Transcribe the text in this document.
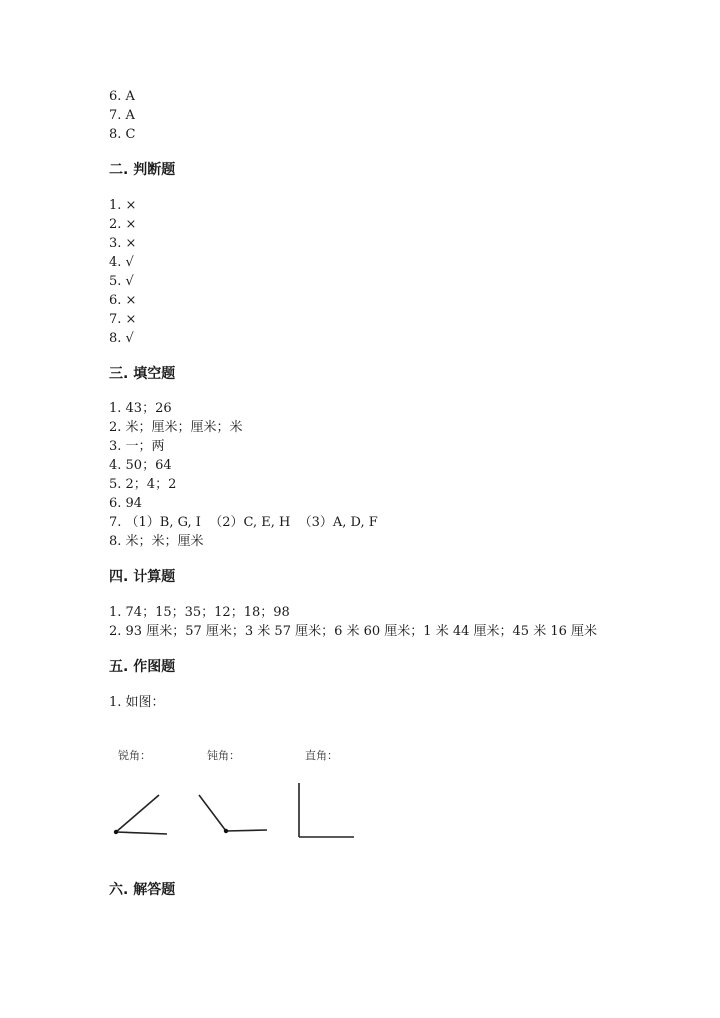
6. A
7. A
8. C
二. 判断题
1. ×
2. ×
3. ×
4. √
5. √
6. ×
7. ×
8. √
三. 填空题
1. 43；26
2. 米；厘米；厘米；米
3. 一；两
4. 50；64
5. 2；4；2
6. 94
7. （1）B, G, I  （2）C, E, H  （3）A, D, F
8. 米；米；厘米
四. 计算题
1. 74；15；35；12；18；98
2. 93 厘米；57 厘米；3 米 57 厘米；6 米 60 厘米；1 米 44 厘米；45 米 16 厘米
五. 作图题
1. 如图：
锐角：	钝角：	直角：
六. 解答题
